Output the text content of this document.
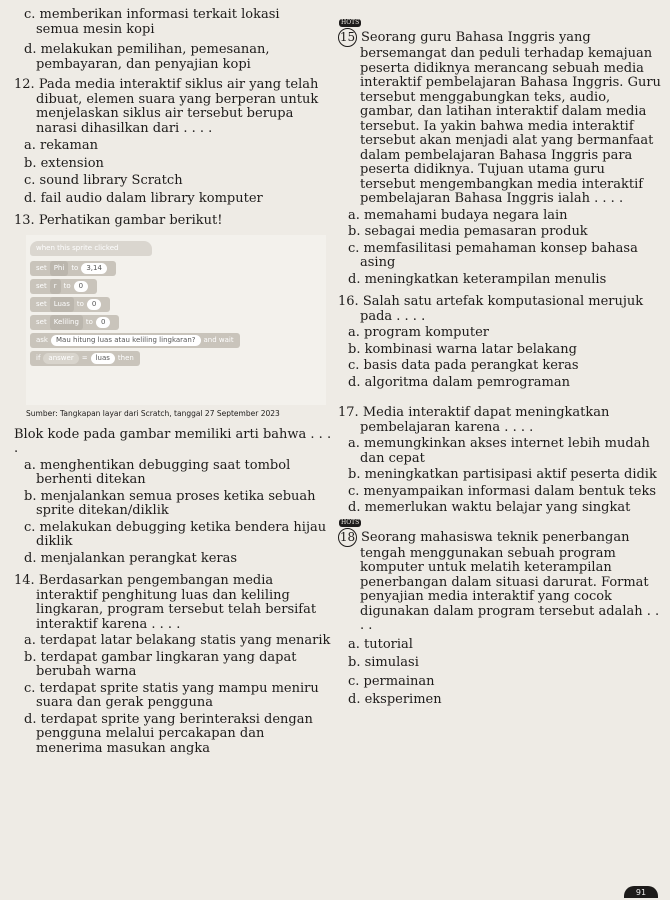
c. memberikan informasi terkait lokasi

semua mesin kopi

d. melakukan pemilihan, pemesanan,

pembayaran, dan penyajian kopi

12. Pada media interaktif siklus air yang telah dibuat, elemen suara yang berperan untuk menjelaskan siklus air tersebut berupa narasi dihasilkan dari . . . .

a. rekaman

b. extension

c. sound library Scratch

d. fail audio dalam library komputer

13. Perhatikan gambar berikut!

when this sprite clicked
set Phi to 3,14
set r to 0
set Luas to 0
set Keliling to 0
ask Mau hitung luas atau keliling lingkaran? and wait
if answer = luas then

Sumber: Tangkapan layar dari Scratch, tanggal 27 September 2023

Blok kode pada gambar memiliki arti bahwa . . . .

a. menghentikan debugging saat tombol berhenti ditekan

b. menjalankan semua proses ketika sebuah sprite ditekan/diklik

c. melakukan debugging ketika bendera hijau diklik

d. menjalankan perangkat keras

14. Berdasarkan pengembangan media interaktif penghitung luas dan keliling lingkaran, program tersebut telah bersifat interaktif karena . . . .

a. terdapat latar belakang statis yang menarik

b. terdapat gambar lingkaran yang dapat berubah warna

c. terdapat sprite statis yang mampu meniru suara dan gerak pengguna

d. terdapat sprite yang berinteraksi dengan pengguna melalui percakapan dan menerima masukan angka

HOTS
15 Seorang guru Bahasa Inggris yang bersemangat dan peduli terhadap kemajuan peserta didiknya merancang sebuah media interaktif pembelajaran Bahasa Inggris. Guru tersebut menggabungkan teks, audio, gambar, dan latihan interaktif dalam media tersebut. Ia yakin bahwa media interaktif tersebut akan menjadi alat yang bermanfaat dalam pembelajaran Bahasa Inggris para peserta didiknya. Tujuan utama guru tersebut mengembangkan media interaktif pembelajaran Bahasa Inggris ialah . . . .

a. memahami budaya negara lain

b. sebagai media pemasaran produk

c. memfasilitasi pemahaman konsep bahasa asing

d. meningkatkan keterampilan menulis

16. Salah satu artefak komputasional merujuk pada . . . .

a. program komputer

b. kombinasi warna latar belakang

c. basis data pada perangkat keras

d. algoritma dalam pemrograman

17. Media interaktif dapat meningkatkan pembelajaran karena . . . .

a. memungkinkan akses internet lebih mudah dan cepat

b. meningkatkan partisipasi aktif peserta didik

c. menyampaikan informasi dalam bentuk teks

d. memerlukan waktu belajar yang singkat

HOTS
18 Seorang mahasiswa teknik penerbangan tengah menggunakan sebuah program komputer untuk melatih keterampilan penerbangan dalam situasi darurat. Format penyajian media interaktif yang cocok digunakan dalam program tersebut adalah . . . .

a. tutorial

b. simulasi

c. permainan

d. eksperimen

91
